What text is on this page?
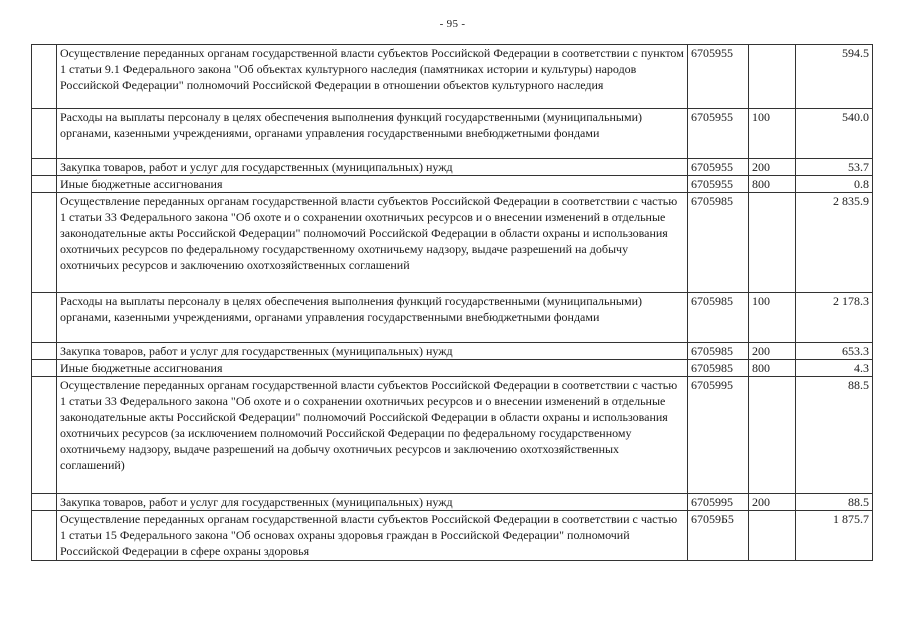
- 95 -
	Осуществление переданных органам государственной власти субъектов Российской Федерации в соответствии с пунктом 1 статьи 9.1 Федерального закона "Об объектах культурного наследия (памятниках истории и культуры) народов Российской Федерации" полномочий Российской Федерации в отношении объектов культурного наследия	6705955		594.5
	Расходы на выплаты персоналу в целях обеспечения выполнения функций государственными (муниципальными) органами, казенными учреждениями, органами управления государственными внебюджетными фондами	6705955	100	540.0
	Закупка товаров, работ и услуг для государственных (муниципальных) нужд	6705955	200	53.7
	Иные бюджетные ассигнования	6705955	800	0.8
	Осуществление переданных органам государственной власти субъектов Российской Федерации в соответствии с частью 1 статьи 33 Федерального закона "Об охоте и о сохранении охотничьих ресурсов и о внесении изменений в отдельные законодательные акты Российской Федерации" полномочий Российской Федерации в области охраны и использования охотничьих ресурсов по федеральному государственному охотничьему надзору, выдаче разрешений на добычу охотничьих ресурсов и заключению охотхозяйственных соглашений	6705985		2 835.9
	Расходы на выплаты персоналу в целях обеспечения выполнения функций государственными (муниципальными) органами, казенными учреждениями, органами управления государственными внебюджетными фондами	6705985	100	2 178.3
	Закупка товаров, работ и услуг для государственных (муниципальных) нужд	6705985	200	653.3
	Иные бюджетные ассигнования	6705985	800	4.3
	Осуществление переданных органам государственной власти субъектов Российской Федерации в соответствии с частью 1 статьи 33 Федерального закона "Об охоте и о сохранении охотничьих ресурсов и о внесении изменений в отдельные законодательные акты Российской Федерации" полномочий Российской Федерации в области охраны и использования охотничьих ресурсов (за исключением полномочий Российской Федерации по федеральному государственному охотничьему надзору, выдаче разрешений на добычу охотничьих ресурсов и заключению охотхозяйственных соглашений)	6705995		88.5
	Закупка товаров, работ и услуг для государственных (муниципальных) нужд	6705995	200	88.5
	Осуществление переданных органам государственной власти субъектов Российской Федерации в соответствии с частью 1 статьи 15 Федерального закона "Об основах охраны здоровья граждан в Российской Федерации" полномочий Российской Федерации в сфере охраны здоровья	67059Б5		1 875.7
